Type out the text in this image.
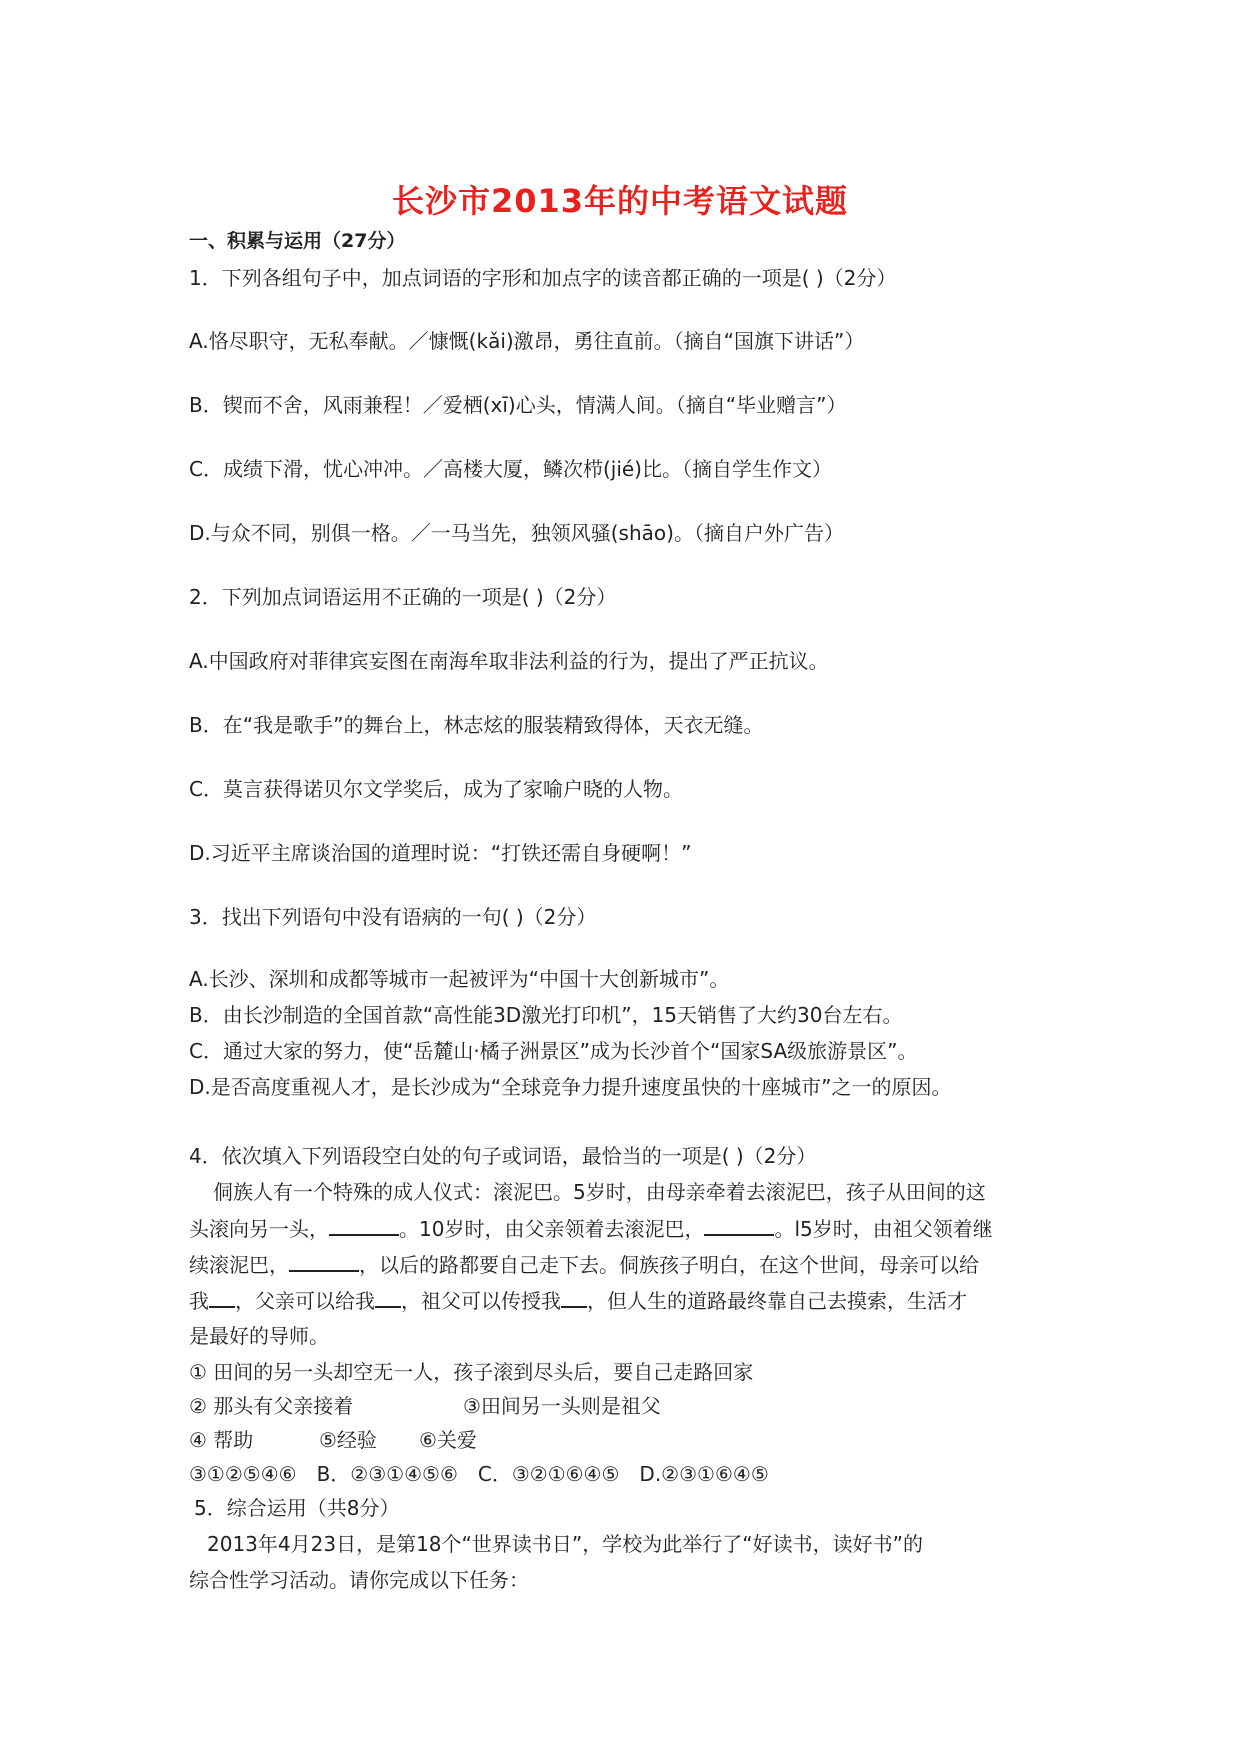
长沙市2013年的中考语文试题
一、积累与运用（27分）
1．下列各组句子中，加点词语的字形和加点字的读音都正确的一项是( )（2分）
A.恪尽职守，无私奉献。／慷慨(kǎi)激昂，勇往直前。（摘自“国旗下讲话”）
B．锲而不舍，风雨兼程！／爱栖(xī)心头，情满人间。（摘自“毕业赠言”）
C．成绩下滑，忧心冲冲。／高楼大厦，鳞次栉(jié)比。（摘自学生作文）
D.与众不同，别俱一格。／一马当先，独领风骚(shāo)。（摘自户外广告）
2．下列加点词语运用不正确的一项是( )（2分）
A.中国政府对菲律宾妄图在南海牟取非法利益的行为，提出了严正抗议。
B．在“我是歌手”的舞台上，林志炫的服装精致得体，天衣无缝。
C．莫言获得诺贝尔文学奖后，成为了家喻户晓的人物。
D.习近平主席谈治国的道理时说：“打铁还需自身硬啊！”
3．找出下列语句中没有语病的一句( )（2分）
A.长沙、深圳和成都等城市一起被评为“中国十大创新城市”。
B．由长沙制造的全国首款“高性能3D激光打印机”，15天销售了大约30台左右。
C．通过大家的努力，使“岳麓山·橘子洲景区”成为长沙首个“国家SA级旅游景区”。
D.是否高度重视人才，是长沙成为“全球竞争力提升速度虽快的十座城市”之一的原因。
4．依次填入下列语段空白处的句子或词语，最恰当的一项是( )（2分）
侗族人有一个特殊的成人仪式：滚泥巴。5岁时，由母亲牵着去滚泥巴，孩子从田间的这
头滚向另一头，	。10岁时，由父亲领着去滚泥巴，	。l5岁时，由祖父领着继
续滚泥巴，	，以后的路都要自己走下去。侗族孩子明白，在这个世间，母亲可以给
我 ，父亲可以给我 ，祖父可以传授我 ，但人生的道路最终靠自己去摸索，生活才
是最好的导师。
① 田间的另一头却空无一人，孩子滚到尽头后，要自己走路回家
② 那头有父亲接着	③田间另一头则是祖父
④ 帮助	⑤经验 ⑥关爱
③①②⑤④⑥　B．②③①④⑤⑥　C．③②①⑥④⑤　D.②③①⑥④⑤
5．综合运用（共8分）
2013年4月23日，是第18个“世界读书日”，学校为此举行了“好读书，读好书”的
综合性学习活动。请你完成以下任务：
